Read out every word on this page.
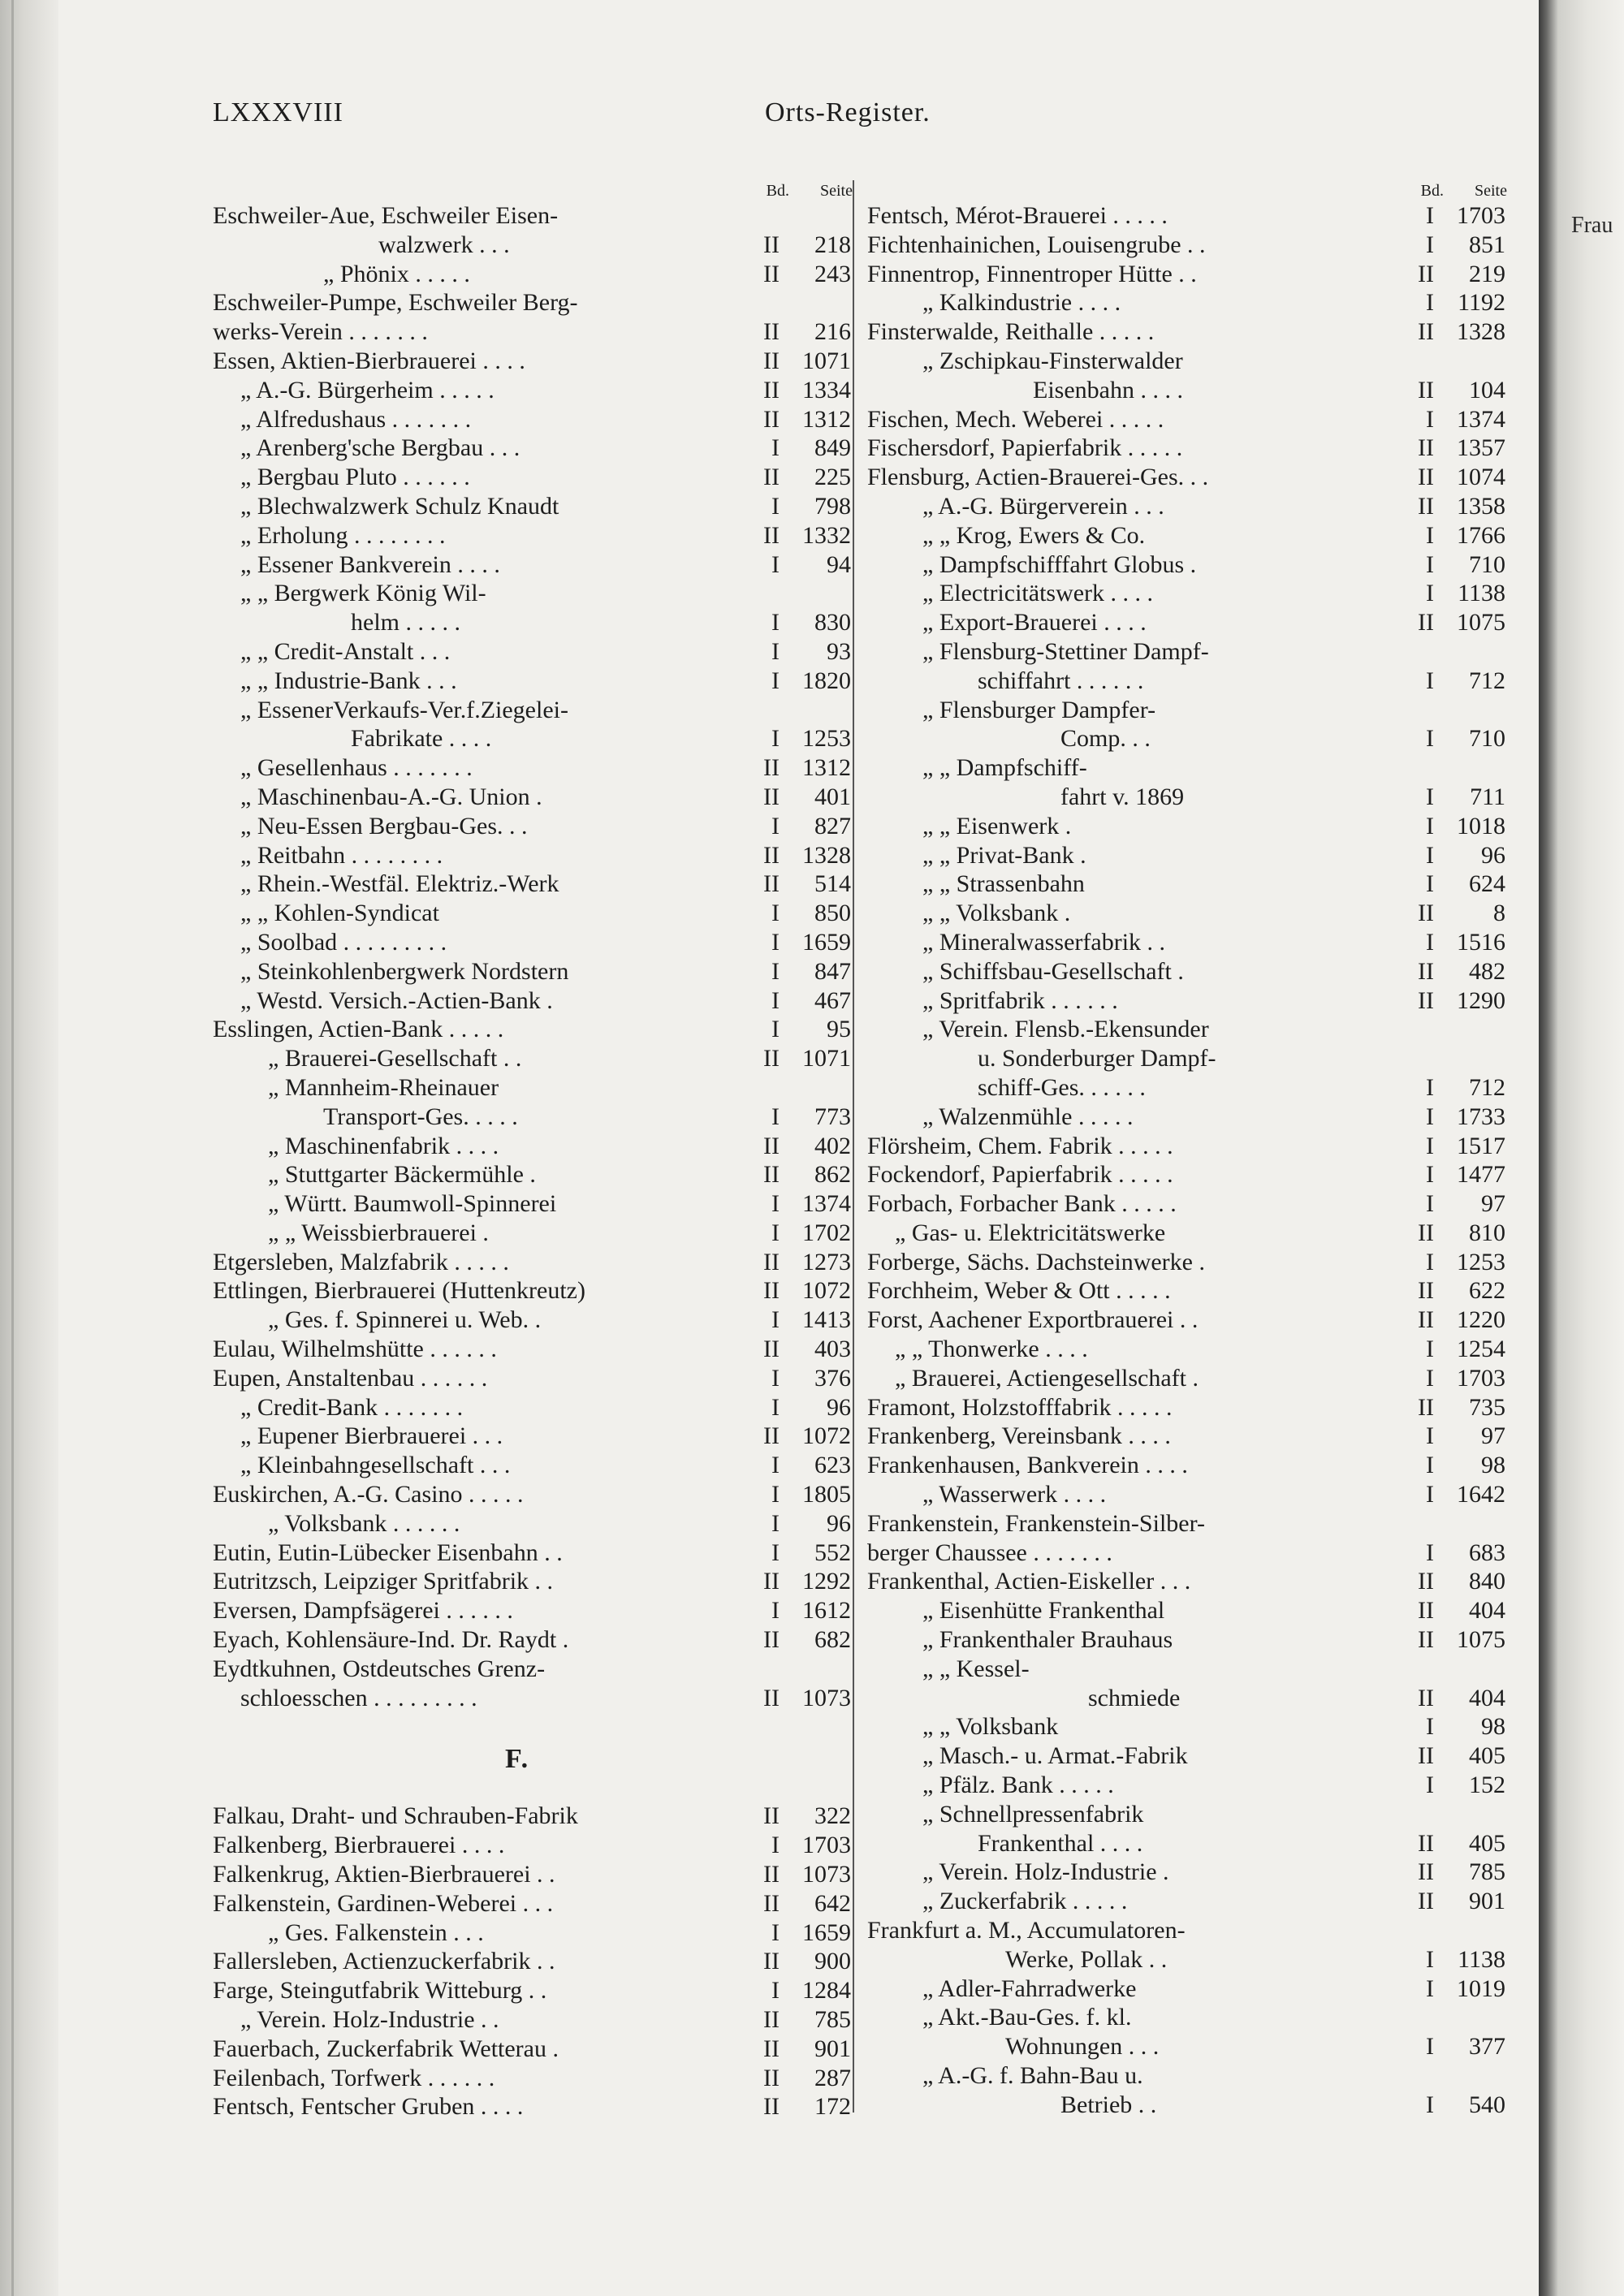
LXXXVIII	Orts-Register.
Bd. Seite
Eschweiler-Aue, Eschweiler Eisen-
walzwerk . . .	II 218
„ Phönix . . . . .	II 243
Eschweiler-Pumpe, Eschweiler Berg-
werks-Verein . . . . . . .	II 216
Essen, Aktien-Bierbrauerei . . . .	II 1071
„ A.-G. Bürgerheim . . . . .	II 1334
„ Alfredushaus . . . . . . .	II 1312
„ Arenberg'sche Bergbau . . .	I 849
„ Bergbau Pluto . . . . . .	II 225
„ Blechwalzwerk Schulz Knaudt	I 798
„ Erholung . . . . . . . .	II 1332
„ Essener Bankverein . . . .	I 94
„ „ Bergwerk König Wil-
helm . . . . .	I 830
„ „ Credit-Anstalt . . .	I 93
„ „ Industrie-Bank . . .	I 1820
„ EssenerVerkaufs-Ver.f.Ziegelei-
Fabrikate . . . .	I 1253
„ Gesellenhaus . . . . . . .	II 1312
„ Maschinenbau-A.-G. Union .	II 401
„ Neu-Essen Bergbau-Ges. . .	I 827
„ Reitbahn . . . . . . . .	II 1328
„ Rhein.-Westfäl. Elektriz.-Werk	II 514
„ „ Kohlen-Syndicat	I 850
„ Soolbad . . . . . . . . .	I 1659
„ Steinkohlenbergwerk Nordstern	I 847
„ Westd. Versich.-Actien-Bank .	I 467
Esslingen, Actien-Bank . . . . .	I 95
„ Brauerei-Gesellschaft . .	II 1071
„ Mannheim-Rheinauer
Transport-Ges. . . . .	I 773
„ Maschinenfabrik . . . .	II 402
„ Stuttgarter Bäckermühle .	II 862
„ Württ. Baumwoll-Spinnerei	I 1374
„ „ Weissbierbrauerei .	I 1702
Etgersleben, Malzfabrik . . . . .	II 1273
Ettlingen, Bierbrauerei (Huttenkreutz)	II 1072
„ Ges. f. Spinnerei u. Web. .	I 1413
Eulau, Wilhelmshütte . . . . . .	II 403
Eupen, Anstaltenbau . . . . . .	I 376
„ Credit-Bank . . . . . . .	I 96
„ Eupener Bierbrauerei . . .	II 1072
„ Kleinbahngesellschaft . . .	I 623
Euskirchen, A.-G. Casino . . . . .	I 1805
„ Volksbank . . . . . .	I 96
Eutin, Eutin-Lübecker Eisenbahn . .	I 552
Eutritzsch, Leipziger Spritfabrik . .	II 1292
Eversen, Dampfsägerei . . . . . .	I 1612
Eyach, Kohlensäure-Ind. Dr. Raydt .	II 682
Eydtkuhnen, Ostdeutsches Grenz-
schloesschen . . . . . . . . .	II 1073
F.
Falkau, Draht- und Schrauben-Fabrik	II 322
Falkenberg, Bierbrauerei . . . .	I 1703
Falkenkrug, Aktien-Bierbrauerei . .	II 1073
Falkenstein, Gardinen-Weberei . . .	II 642
„ Ges. Falkenstein . . .	I 1659
Fallersleben, Actienzuckerfabrik . .	II 900
Farge, Steingutfabrik Witteburg . .	I 1284
„ Verein. Holz-Industrie . .	II 785
Fauerbach, Zuckerfabrik Wetterau .	II 901
Feilenbach, Torfwerk . . . . . .	II 287
Fentsch, Fentscher Gruben . . . .	II 172
Bd. Seite
Fentsch, Mérot-Brauerei . . . . .	I 1703
Fichtenhainichen, Louisengrube . .	I 851
Finnentrop, Finnentroper Hütte . .	II 219
„ Kalkindustrie . . . .	I 1192
Finsterwalde, Reithalle . . . . .	II 1328
„ Zschipkau-Finsterwalder
Eisenbahn . . . .	II 104
Fischen, Mech. Weberei . . . . .	I 1374
Fischersdorf, Papierfabrik . . . . .	II 1357
Flensburg, Actien-Brauerei-Ges. . .	II 1074
„ A.-G. Bürgerverein . . .	II 1358
„ „ Krog, Ewers & Co.	I 1766
„ Dampfschifffahrt Globus .	I 710
„ Electricitätswerk . . . .	I 1138
„ Export-Brauerei . . . .	II 1075
„ Flensburg-Stettiner Dampf-
schiffahrt . . . . . .	I 712
„ Flensburger Dampfer-
Comp. . .	I 710
„ „ Dampfschiff-
fahrt v. 1869	I 711
„ „ Eisenwerk .	I 1018
„ „ Privat-Bank .	I 96
„ „ Strassenbahn	I 624
„ „ Volksbank .	II 8
„ Mineralwasserfabrik . .	I 1516
„ Schiffsbau-Gesellschaft .	II 482
„ Spritfabrik . . . . . .	II 1290
„ Verein. Flensb.-Ekensunder
u. Sonderburger Dampf-
schiff-Ges. . . . . .	I 712
„ Walzenmühle . . . . .	I 1733
Flörsheim, Chem. Fabrik . . . . .	I 1517
Fockendorf, Papierfabrik . . . . .	I 1477
Forbach, Forbacher Bank . . . . .	I 97
„ Gas- u. Elektricitätswerke	II 810
Forberge, Sächs. Dachsteinwerke .	I 1253
Forchheim, Weber & Ott . . . . .	II 622
Forst, Aachener Exportbrauerei . .	II 1220
„ „ Thonwerke . . . .	I 1254
„ Brauerei, Actiengesellschaft .	I 1703
Framont, Holzstofffabrik . . . . .	II 735
Frankenberg, Vereinsbank . . . .	I 97
Frankenhausen, Bankverein . . . .	I 98
„ Wasserwerk . . . .	I 1642
Frankenstein, Frankenstein-Silber-
berger Chaussee . . . . . . .	I 683
Frankenthal, Actien-Eiskeller . . .	II 840
„ Eisenhütte Frankenthal	II 404
„ Frankenthaler Brauhaus	II 1075
„ „ Kessel-
schmiede	II 404
„ „ Volksbank	I 98
„ Masch.- u. Armat.-Fabrik	II 405
„ Pfälz. Bank . . . . .	I 152
„ Schnellpressenfabrik
Frankenthal . . . .	II 405
„ Verein. Holz-Industrie .	II 785
„ Zuckerfabrik . . . . .	II 901
Frankfurt a. M., Accumulatoren-
Werke, Pollak . .	I 1138
„ Adler-Fahrradwerke	I 1019
„ Akt.-Bau-Ges. f. kl.
Wohnungen . . .	I 377
„ A.-G. f. Bahn-Bau u.
Betrieb . .	I 540
Frau
